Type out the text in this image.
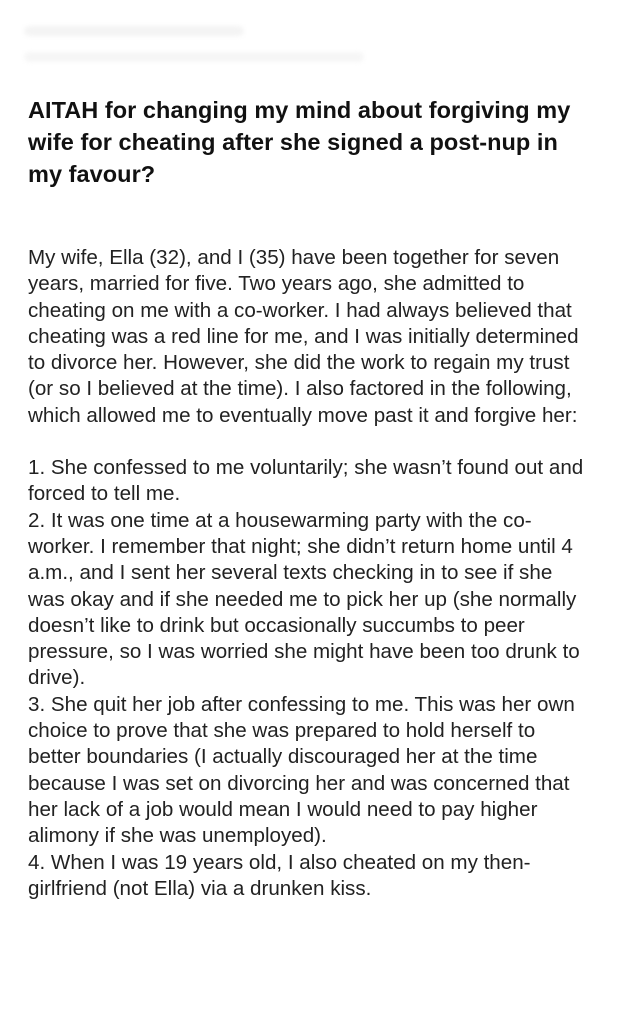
AITAH for changing my mind about forgiving my wife for cheating after she signed a post-nup in my favour?

My wife, Ella (32), and I (35) have been together for seven years, married for five. Two years ago, she admitted to cheating on me with a co-worker. I had always believed that cheating was a red line for me, and I was initially determined to divorce her. However, she did the work to regain my trust (or so I believed at the time). I also factored in the following, which allowed me to eventually move past it and forgive her:

1. She confessed to me voluntarily; she wasn’t found out and forced to tell me.

2. It was one time at a housewarming party with the co-worker. I remember that night; she didn’t return home until 4 a.m., and I sent her several texts checking in to see if she was okay and if she needed me to pick her up (she normally doesn’t like to drink but occasionally succumbs to peer pressure, so I was worried she might have been too drunk to drive).

3. She quit her job after confessing to me. This was her own choice to prove that she was prepared to hold herself to better boundaries (I actually discouraged her at the time because I was set on divorcing her and was concerned that her lack of a job would mean I would need to pay higher alimony if she was unemployed).

4. When I was 19 years old, I also cheated on my then-girlfriend (not Ella) via a drunken kiss.
